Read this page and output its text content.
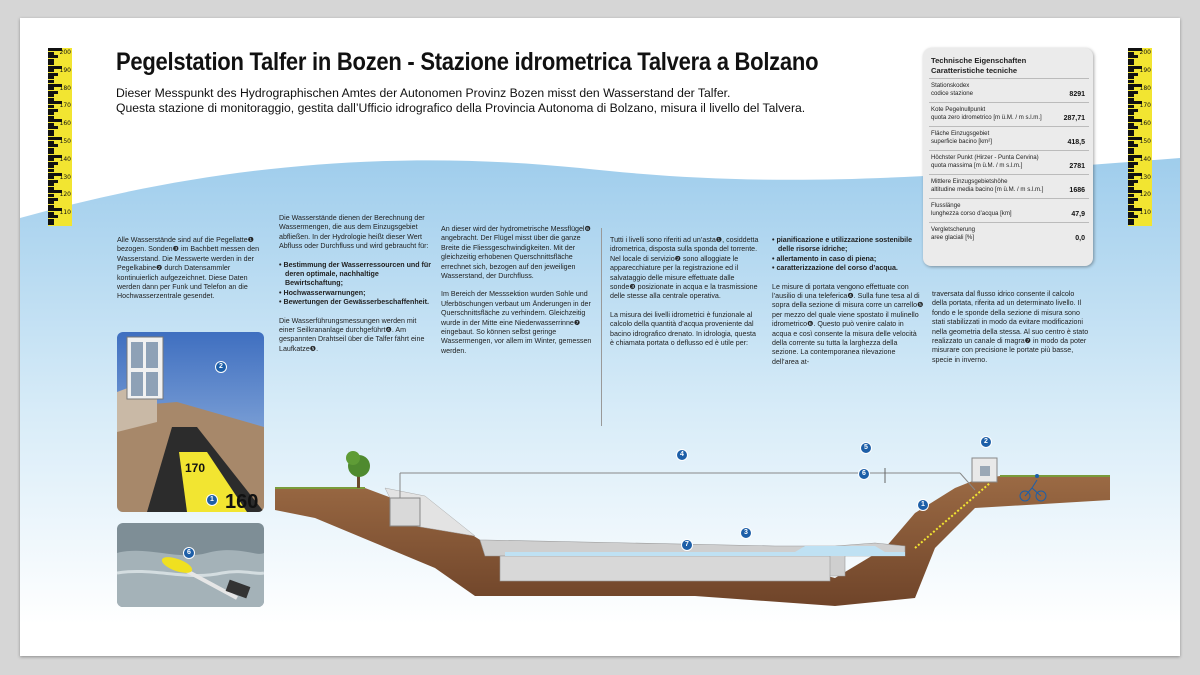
200
190
180
170
160
150
140
130
120
110
200
190
180
170
160
150
140
130
120
110
Pegelstation Talfer in Bozen - Stazione idrometrica Talvera a Bolzano
Dieser Messpunkt des Hydrographischen Amtes der Autonomen Provinz Bozen misst den Wasserstand der Talfer.
Questa stazione di monitoraggio, gestita dall’Ufficio idrografico della Provincia Autonoma di Bolzano, misura il livello del Talvera.
Technische Eigenschaften
Caratteristiche tecniche
Stationskodex
codice stazione	8291
Kote Pegelnullpunkt
quota zero idrometrico [m ü.M. / m s.l.m.]	287,71
Fläche Einzugsgebiet
superficie bacino [km²]	418,5
Höchster Punkt (Hirzer - Punta Cervina)
quota massima [m ü.M. / m s.l.m.]	2781
Mittlere Einzugsgebietshöhe
altitudine media bacino [m ü.M. / m s.l.m.]	1686
Flusslänge
lunghezza corso d’acqua [km]	47,9
Vergletscherung
aree glaciali [%]	0,0

Alle Wasserstände sind auf die Pegellatte❶ bezogen. Sonden❸ im Bachbett messen den Wasserstand. Die Messwerte werden in der Pegelkabine❷ durch Datensammler kontinuierlich aufgezeichnet. Diese Daten werden dann per Funk und Telefon an die Hochwasserzentrale gesendet.

Die Wasserstände dienen der Berechnung der Wassermengen, die aus dem Einzugsgebiet abfließen. In der Hydrologie heißt dieser Wert Abfluss oder Durchfluss und wird gebraucht für:

• Bestimmung der Wasserressourcen und für deren optimale, nachhaltige Bewirtschaftung;
• Hochwasserwarnungen;
• Bewertungen der Gewässerbeschaffenheit.

Die Wasserführungsmessungen werden mit einer Seilkrananlage durchgeführt❹. Am gespannten Drahtseil über die Talfer fährt eine Laufkatze❺.

An dieser wird der hydrometrische Messflügel❻ angebracht. Der Flügel misst über die ganze Breite die Fliessgeschwindigkeiten. Mit der gleichzeitig erhobenen Querschnittsfläche errechnet sich, bezogen auf den jeweiligen Wasserstand, der Durchfluss.

Im Bereich der Messsektion wurden Sohle und Uferböschungen verbaut um Änderungen in der Querschnittsfläche zu verhindern. Gleichzeitig wurde in der Mitte eine Niederwasserrinne❼ eingebaut. So können selbst geringe Wassermengen, vor allem im Winter, gemessen werden.

Tutti i livelli sono riferiti ad un’asta❶, cosiddetta idrometrica, disposta sulla sponda del torrente. Nel locale di servizio❷ sono alloggiate le apparecchiature per la registrazione ed il salvataggio delle misure effettuate dalle sonde❸ posizionate in acqua e la trasmissione delle stesse alla centrale operativa.

La misura dei livelli idrometrici è funzionale al calcolo della quantità d’acqua proveniente dal bacino idrografico drenato. In idrologia, questa è chiamata portata o deflusso ed è utile per:

• pianificazione e utilizzazione sostenibile delle risorse idriche;
• allertamento in caso di piena;
• caratterizzazione del corso d’acqua.

Le misure di portata vengono effettuate con l’ausilio di una teleferica❹. Sulla fune tesa al di sopra della sezione di misura corre un carrello❺ per mezzo del quale viene spostato il mulinello idrometrico❻. Questo può venire calato in acqua e così consente la misura delle velocità della corrente su tutta la larghezza della sezione. La contemporanea rilevazione dell’area at-

traversata dal flusso idrico consente il calcolo della portata, riferita ad un determinato livello. Il fondo e le sponde della sezione di misura sono stati stabilizzati in modo da evitare modificazioni nella geometria della stessa. Al suo centro è stato realizzato un canale di magra❼ in modo da poter misurare con precisione le portate più basse, specie in inverno.

170
160
2
1
6
4
5
6
2
1
3
7
